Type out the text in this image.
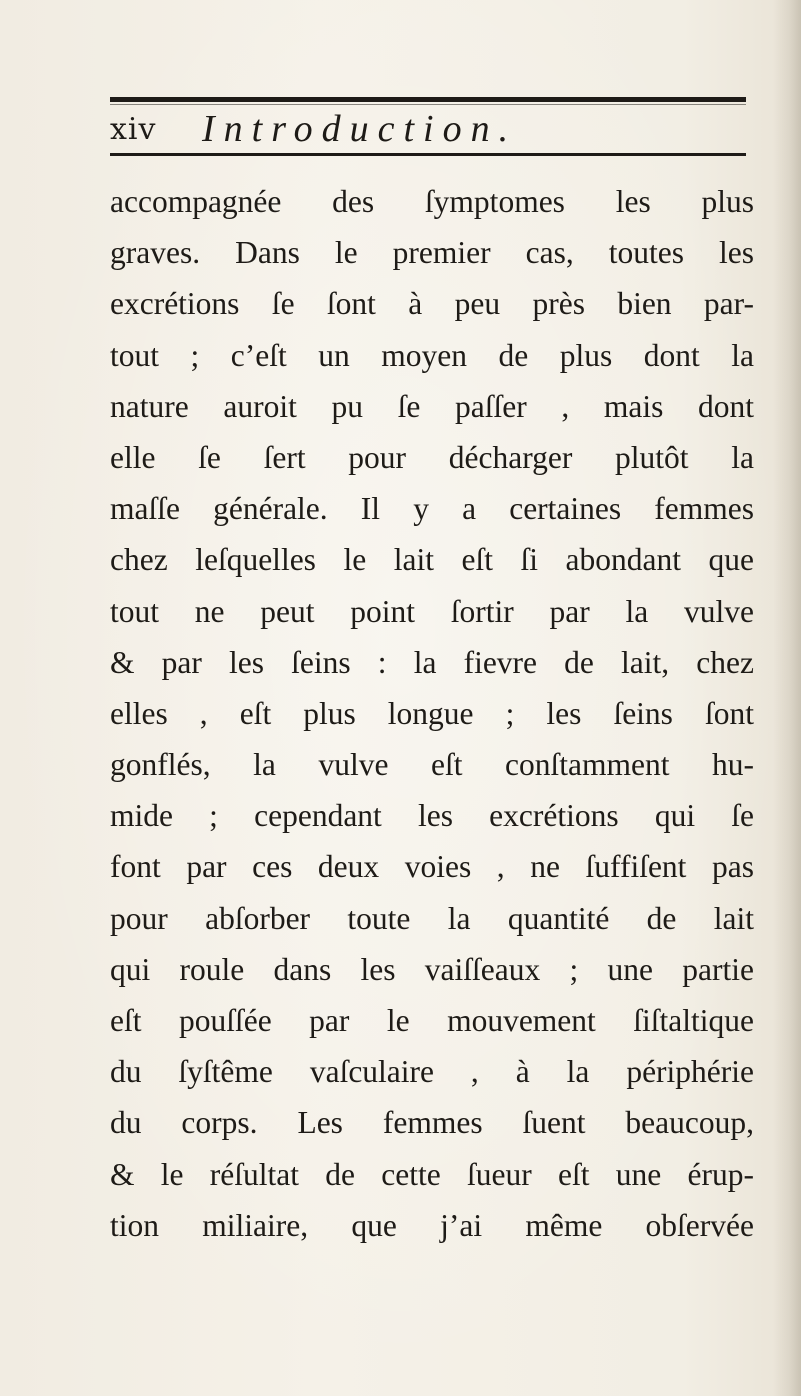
xiv	Introduction.
accompagnée des ſymptomes les plus
graves. Dans le premier cas, toutes les
excrétions ſe ſont à peu près bien par-
tout ; c’eſt un moyen de plus dont la
nature auroit pu ſe paſſer , mais dont
elle ſe ſert pour décharger plutôt la
maſſe générale. Il y a certaines femmes
chez leſquelles le lait eſt ſi abondant que
tout ne peut point ſortir par la vulve
& par les ſeins : la fievre de lait, chez
elles , eſt plus longue ; les ſeins ſont
gonflés, la vulve eſt conſtamment hu-
mide ; cependant les excrétions qui ſe
font par ces deux voies , ne ſuffiſent pas
pour abſorber toute la quantité de lait
qui roule dans les vaiſſeaux ; une partie
eſt pouſſée par le mouvement ſiſtaltique
du ſyſtême vaſculaire , à la périphérie
du corps. Les femmes ſuent beaucoup,
& le réſultat de cette ſueur eſt une érup-
tion miliaire, que j’ai même obſervée
